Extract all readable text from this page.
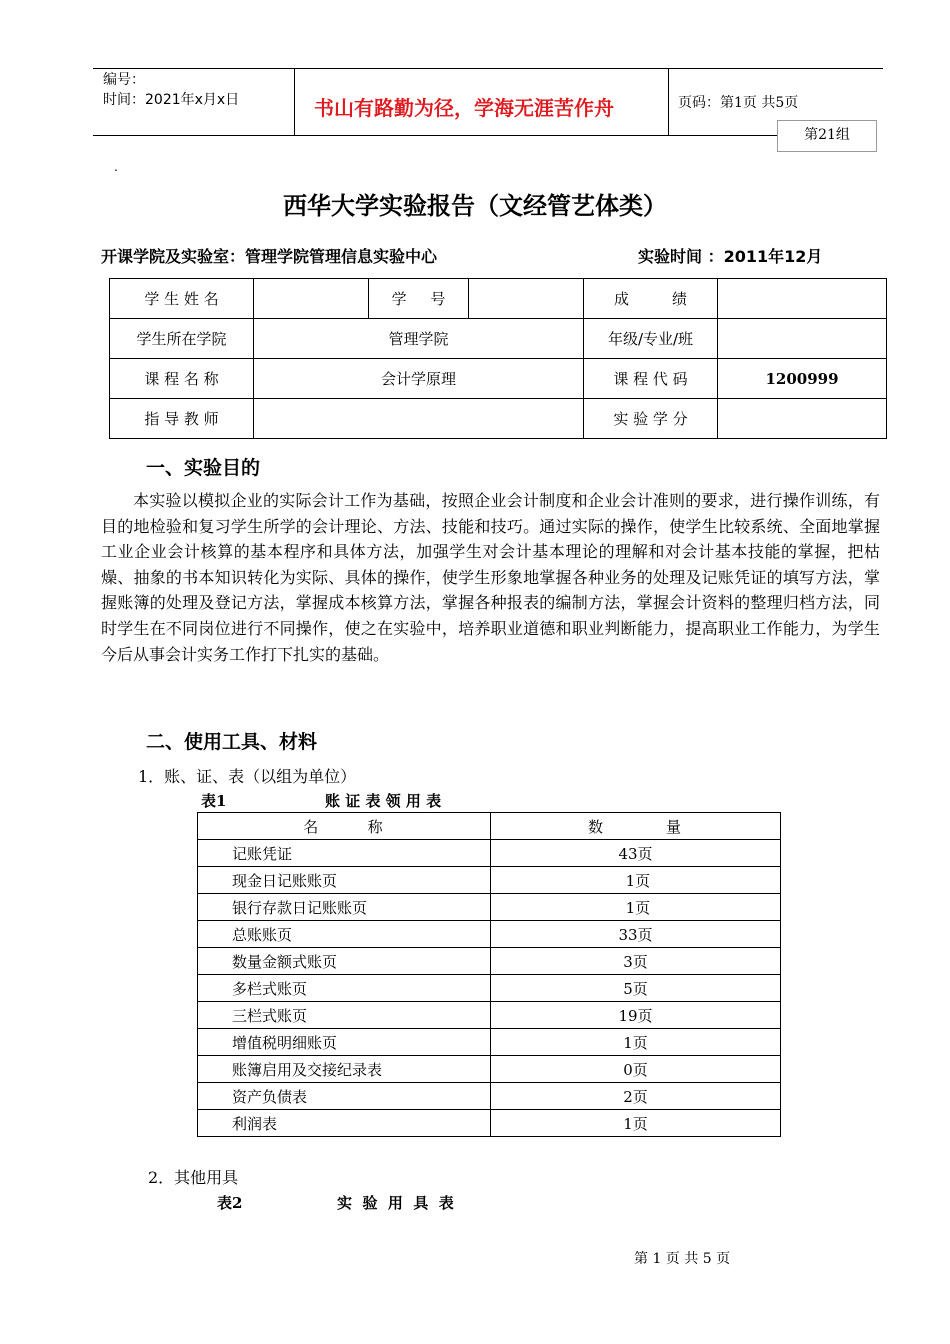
编号：
时间：2021年x月x日	书山有路勤为径，学海无涯苦作舟	页码：第1页 共5页
第21组
.
西华大学实验报告（文经管艺体类）
开课学院及实验室：管理学院管理信息实验中心	实验时间 ：2011年12月
学 生 姓 名		学     号		成         绩	
学生所在学院	管理学院			年级/专业/班	
课 程 名 称	会计学原理			课 程 代 码	1200999
指 导 教 师				实 验 学 分	
一、实验目的
本实验以模拟企业的实际会计工作为基础，按照企业会计制度和企业会计准则的要求，进行操作训练，有目的地检验和复习学生所学的会计理论、方法、技能和技巧。通过实际的操作，使学生比较系统、全面地掌握工业企业会计核算的基本程序和具体方法，加强学生对会计基本理论的理解和对会计基本技能的掌握，把枯燥、抽象的书本知识转化为实际、具体的操作，使学生形象地掌握各种业务的处理及记账凭证的填写方法，掌握账簿的处理及登记方法，掌握成本核算方法，掌握各种报表的编制方法，掌握会计资料的整理归档方法，同时学生在不同岗位进行不同操作，使之在实验中，培养职业道德和职业判断能力，提高职业工作能力，为学生今后从事会计实务工作打下扎实的基础。
二、使用工具、材料
1．账、证、表（以组为单位）
表1	账 证 表 领 用 表
名       称	数         量
记账凭证	43页
现金日记账账页	1页
银行存款日记账账页	1页
总账账页	33页
数量金额式账页	3页
多栏式账页	5页
三栏式账页	19页
增值税明细账页	1页
账簿启用及交接纪录表	0页
资产负债表	2页
利润表	1页
2．其他用具
表2	实  验  用  具  表
第 1 页 共 5 页
